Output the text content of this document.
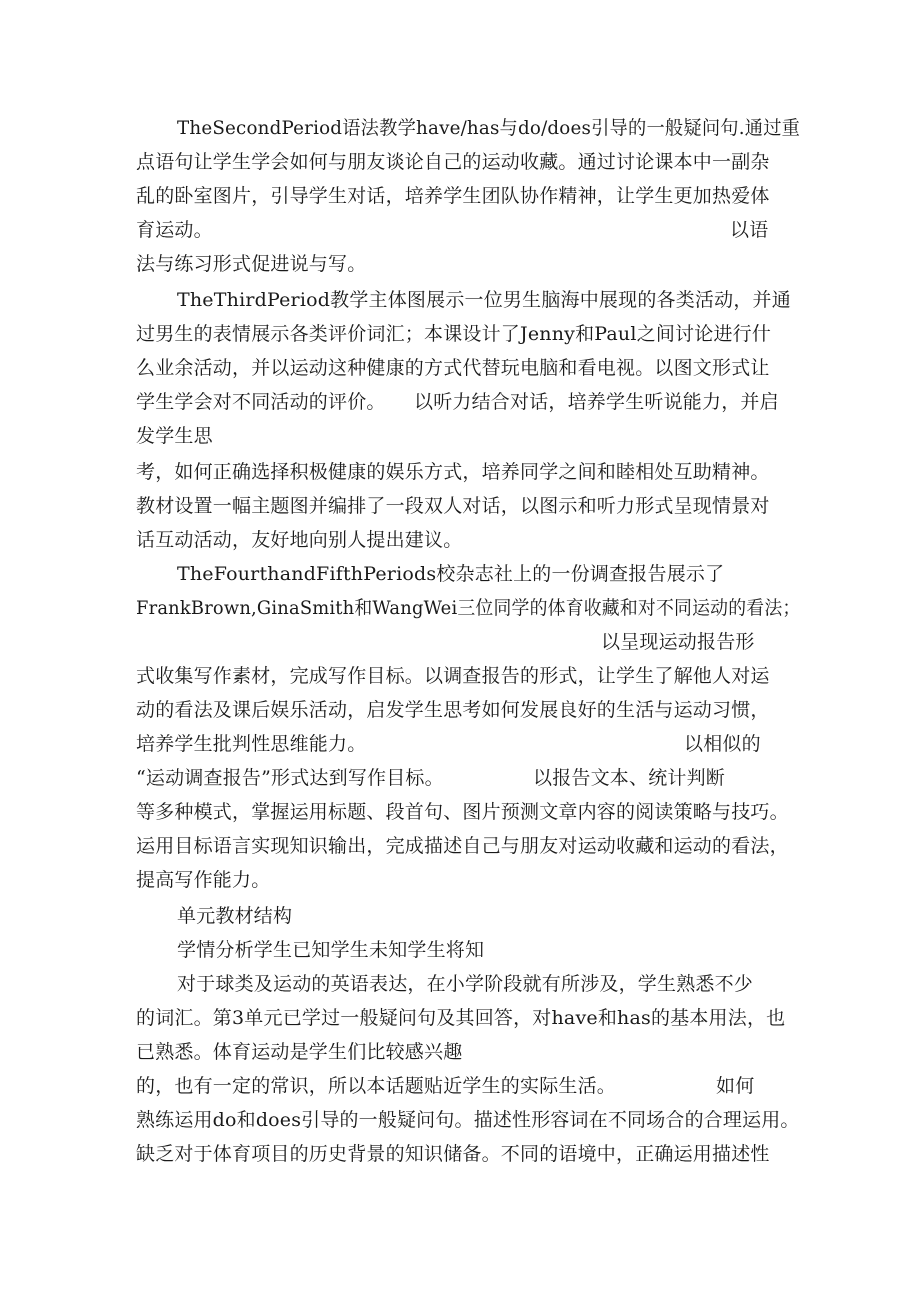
TheSecondPeriod语法教学have/has与do/does引导的一般疑问句.通过重
点语句让学生学会如何与朋友谈论自己的运动收藏。通过讨论课本中一副杂
乱的卧室图片，引导学生对话，培养学生团队协作精神，让学生更加热爱体
育运动。	以语
法与练习形式促进说与写。
TheThirdPeriod教学主体图展示一位男生脑海中展现的各类活动，并通
过男生的表情展示各类评价词汇；本课设计了Jenny和Paul之间讨论进行什
么业余活动，并以运动这种健康的方式代替玩电脑和看电视。以图文形式让
学生学会对不同活动的评价。 以听力结合对话，培养学生听说能力，并启
发学生思
考，如何正确选择积极健康的娱乐方式，培养同学之间和睦相处互助精神。
教材设置一幅主题图并编排了一段双人对话，以图示和听力形式呈现情景对
话互动活动，友好地向别人提出建议。
TheFourthandFifthPeriods校杂志社上的一份调查报告展示了
FrankBrown,GinaSmith和WangWei三位同学的体育收藏和对不同运动的看法；
以呈现运动报告形
式收集写作素材，完成写作目标。以调查报告的形式，让学生了解他人对运
动的看法及课后娱乐活动，启发学生思考如何发展良好的生活与运动习惯，
培养学生批判性思维能力。	以相似的
“运动调查报告”形式达到写作目标。	以报告文本、统计判断
等多种模式，掌握运用标题、段首句、图片预测文章内容的阅读策略与技巧。
运用目标语言实现知识输出，完成描述自己与朋友对运动收藏和运动的看法，
提高写作能力。
单元教材结构
学情分析学生已知学生未知学生将知
对于球类及运动的英语表达，在小学阶段就有所涉及，学生熟悉不少
的词汇。第3单元已学过一般疑问句及其回答，对have和has的基本用法，也
已熟悉。体育运动是学生们比较感兴趣
的，也有一定的常识，所以本话题贴近学生的实际生活。	如何
熟练运用do和does引导的一般疑问句。描述性形容词在不同场合的合理运用。
缺乏对于体育项目的历史背景的知识储备。不同的语境中，正确运用描述性
